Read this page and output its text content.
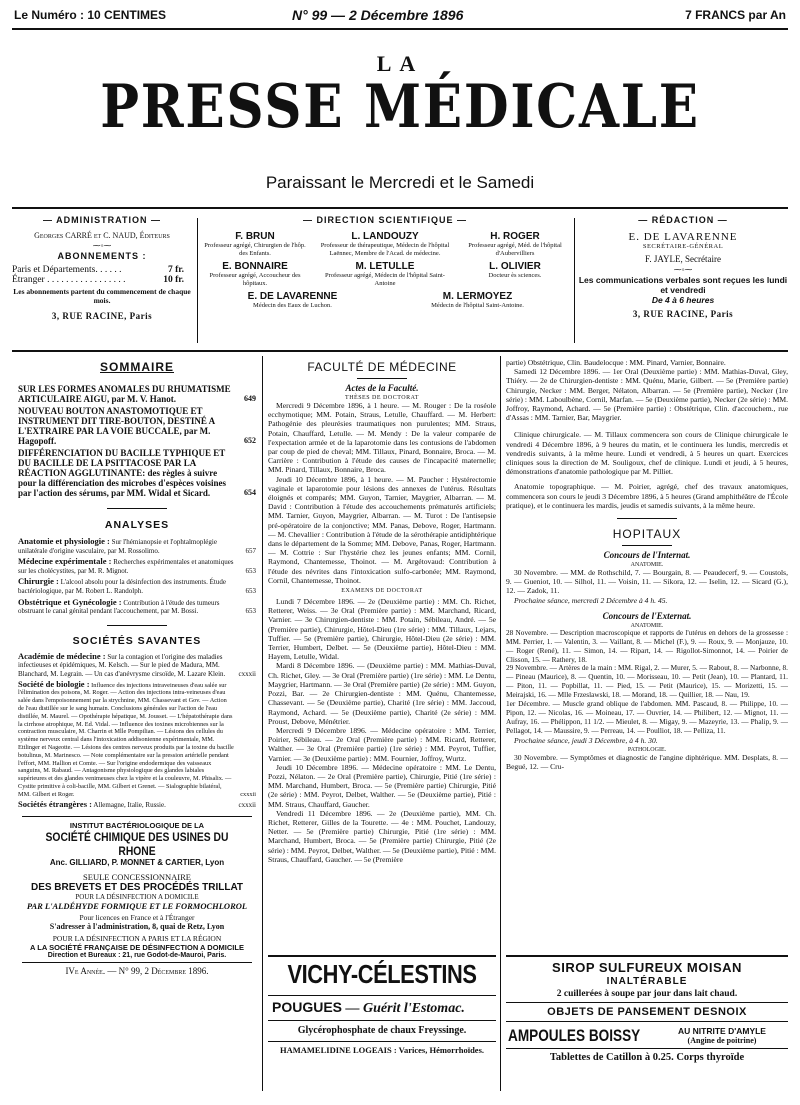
Le Numéro : 10 CENTIMES	N° 99 — 2 Décembre 1896	7 FRANCS par An
LA
PRESSE MÉDICALE
Paraissant le Mercredi et le Samedi
— ADMINISTRATION —
Georges CARRÉ et C. NAUD, Éditeurs
⁓◦⁓
ABONNEMENTS :
Paris et Départements. . . . . .	7 fr.
Étranger . . . . . . . . . . . . . . . . .	10 fr.
Les abonnements partent du commencement de chaque mois.
3, RUE RACINE, Paris
— DIRECTION SCIENTIFIQUE —
F. BRUN
Professeur agrégé, Chirurgien de l'hôp. des Enfants.
L. LANDOUZY
Professeur de thérapeutique, Médecin de l'hôpital Laënnec, Membre de l'Acad. de médecine.
H. ROGER
Professeur agrégé, Méd. de l'hôpital d'Aubervilliers
E. BONNAIRE
Professeur agrégé, Accoucheur des hôpitaux.
M. LETULLE
Professeur agrégé, Médecin de l'hôpital Saint-Antoine
L. OLIVIER
Docteur ès sciences.
E. DE LAVARENNE
Médecin des Eaux de Luchon.
M. LERMOYEZ
Médecin de l'hôpital Saint-Antoine.
— RÉDACTION —
E. DE LAVARENNE
SECRÉTAIRE-GÉNÉRAL
F. JAYLE, Secrétaire
⁓◦⁓
Les communications verbales sont reçues les lundi et vendredi
De 4 à 6 heures
3, RUE RACINE, Paris
SOMMAIRE
SUR LES FORMES ANOMALES DU RHUMATISME ARTICULAIRE AIGU, par M. V. Hanot.	649
NOUVEAU BOUTON ANASTOMOTIQUE ET INSTRUMENT DIT TIRE-BOUTON, DESTINÉ A L'EXTRAIRE PAR LA VOIE BUCCALE, par M. Hagopoff.	652
DIFFÉRENCIATION DU BACILLE TYPHIQUE ET DU BACILLE DE LA PSITTACOSE PAR LA RÉACTION AGGLUTINANTE: des règles à suivre pour la différenciation des microbes d'espèces voisines par l'action des sérums, par MM. Widal et Sicard.	654
ANALYSES
Anatomie et physiologie : Sur l'hémianopsie et l'ophtalmoplégie unilatérale d'origine vasculaire, par M. Rossolimo.	657
Médecine expérimentale : Recherches expérimentales et anatomiques sur les cholécystites, par M. R. Mignot.	653
Chirurgie : L'alcool absolu pour la désinfection des instruments. Étude bactériologique, par M. Robert L. Randolph.	653
Obstétrique et Gynécologie : Contribution à l'étude des tumeurs obstruant le canal génital pendant l'accouchement, par M. Bossi.	653
SOCIÉTÉS SAVANTES
Académie de médecine : Sur la contagion et l'origine des maladies infectieuses et épidémiques, M. Kelsch. — Sur le pied de Madura, MM. Blanchard, M. Legrain. — Un cas d'anévrysme cirsoïde, M. Lazare Klein. cxxxii
Société de biologie : Influence des injections intraveineuses d'eau salée sur l'élimination des poisons, M. Roger. — Action des injections intra-veineuses d'eau salée dans l'empoisonnement par la strychnine, MM. Chassevant et Gov. — Action de l'eau distillée sur le sang humain. Conclusions générales sur l'action de l'eau distillée, M. Maurel. — Opothérapie hépatique, M. Jousset. — L'hépatothérapie dans la cirrhose atrophique, M. Ed. Vidal. — Influence des toxines microbiennes sur la contraction musculaire, M. Charrin et Mlle Pompilian. — Lésions des cellules du système nerveux central dans l'intoxication addisonienne expérimentale, MM. Ettlinger et Nageotte. — Lésions des centres nerveux produits par la toxine du bacille botulinus, M. Marinesco. — Note complémentaire sur la pression artérielle pendant l'effort, MM. Hallion et Comte. — Sur l'origine endodermique des vaisseaux sanguins, M. Rabaud. — Antagonisme physiologique des glandes labiales supérieures et des glandes venimeuses chez la vipère et la couleuvre, M. Phisalix. — Cystite primitive à coli-bacille, MM. Gilbert et Grenet. — Sialographie bilatéral, MM. Gilbert et Roger.	cxxxii
Sociétés étrangères : Allemagne, Italie, Russie.	cxxxii
INSTITUT BACTÉRIOLOGIQUE DE LA
SOCIÉTÉ CHIMIQUE DES USINES DU RHONE
Anc. GILLIARD, P. MONNET & CARTIER, Lyon
SEULE CONCESSIONNAIRE
DES BREVETS ET DES PROCÉDÉS TRILLAT
POUR LA DÉSINFECTION A DOMICILE
PAR L'ALDÉHYDE FORMIQUE ET LE FORMOCHLOROL
Pour licences en France et à l'Étranger
S'adresser à l'administration, 8, quai de Retz, Lyon
POUR LA DÉSINFECTION A PARIS ET LA RÉGION
A LA SOCIÉTÉ FRANÇAISE DE DÉSINFECTION A DOMICILE
Direction et Bureaux : 21, rue Godot-de-Mauroi, Paris.
IVe Année. — N° 99, 2 Décembre 1896.
FACULTÉ DE MÉDECINE
Actes de la Faculté.
THÈSES DE DOCTORAT

Mercredi 9 Décembre 1896, à 1 heure. — M. Rouger : De la roséole ecchymotique; MM. Potain, Straus, Letulle, Chauffard. — M. Herbert: Pathogénie des pleurésies traumatiques non purulentes; MM. Straus, Potain, Chauffard, Letulle. — M. Mendy : De la valeur comparée de l'expectation armée et de la laparotomie dans les contusions de l'abdomen par coup de pied de cheval; MM. Tillaux, Pinard, Bonnaire, Broca. — M. Carrière : Contribution à l'étude des causes de l'incapacité maternelle; MM. Pinard, Tillaux, Bonnaire, Broca.

Jeudi 10 Décembre 1896, à 1 heure. — M. Paucher : Hystérectomie vaginale et laparotomie pour lésions des annexes de l'utérus. Résultats éloignés et comparés; MM. Guyon, Tarnier, Maygrier, Albarran. — M. David : Contribution à l'étude des accouchements prématurés artificiels; MM. Tarnier, Guyon, Maygrier, Albarran. — M. Turot : De l'antisepsie pré-opératoire de la conjonctive; MM. Panas, Debove, Roger, Hartmann. — M. Chevallier : Contribution à l'étude de la sérothérapie antidiphtérique dans le département de la Somme; MM. Debove, Panas, Roger, Hartmann. — M. Cottrie : Sur l'hystérie chez les jeunes enfants; MM. Cornil, Raymond, Chantemesse, Thoinot. — M. Argétovaud: Contribution à l'étude des névrites dans l'intoxication sulfo-carbonée; MM. Raymond, Cornil, Chantemesse, Thoinot.

EXAMENS DE DOCTORAT

Lundi 7 Décembre 1896. — 2e (Deuxième partie) : MM. Ch. Richet, Retterer, Weiss. — 3e Oral (Première partie) : MM. Marchand, Ricard, Varnier. — 3e Chirurgien-dentiste : MM. Potain, Sébileau, André. — 5e (Première partie), Chirurgie, Hôtel-Dieu (1re série) : MM. Tillaux, Lejars, Tuffier. — 5e (Première partie), Chirurgie, Hôtel-Dieu (2e série) : MM. Terrier, Humbert, Delbet. — 5e (Deuxième partie), Hôtel-Dieu : MM. Hayem, Letulle, Widal.

Mardi 8 Décembre 1896. — (Deuxième partie) : MM. Mathias-Duval, Ch. Richet, Gley. — 3e Oral (Première partie) (1re série) : MM. Le Dentu, Maygrier, Hartmann. — 3e Oral (Première partie) (2e série) : MM. Guyon, Pozzi, Bar. — 2e Chirurgien-dentiste : MM. Quénu, Chantemesse, Chassevant. — 5e (Deuxième partie), Charité (1re série) : MM. Jaccoud, Raymond, Achard. — 5e (Deuxième partie), Charité (2e série) : MM. Proust, Debove, Ménétrier.

Mercredi 9 Décembre 1896. — Médecine opératoire : MM. Terrier, Poirier, Sébileau. — 2e Oral (Première partie) : MM. Ricard, Retterer, Walther. — 3e Oral (Première partie) (1re série) : MM. Peyrot, Tuffier, Varnier. — 3e (Deuxième partie) : MM. Fournier, Joffroy, Wurtz.

Jeudi 10 Décembre 1896. — Médecine opératoire : MM. Le Dentu, Pozzi, Nélaton. — 2e Oral (Première partie), Chirurgie, Pitié (1re série) : MM. Marchand, Humbert, Broca. — 5e (Première partie) Chirurgie, Pitié (2e série) : MM. Peyrot, Delbet, Walther. — 5e (Deuxième partie), Pitié : MM. Straus, Chauffard, Gaucher.

Vendredi 11 Décembre 1896. — 2e (Deuxième partie), MM. Ch. Richet, Retterer, Gilles de la Tourette. — 4e : MM. Pouchet, Landouzy, Netter. — 5e (Première partie) Chirurgie, Pitié (1re série) : MM. Marchand, Humbert, Broca. — 5e (Première partie) Chirurgie, Pitié (2e série) : MM. Peyrot, Delbet, Walther. — 5e (Deuxième partie), Pitié : MM. Straus, Chauffard, Gaucher. — 5e (Première

VICHY-CÉLESTINS
POUGUES — Guérit l'Estomac.
Glycérophosphate de chaux Freyssinge.
HAMAMELIDINE LOGEAIS : Varices, Hémorrhoïdes.

partie) Obstétrique, Clin. Baudelocque : MM. Pinard, Varnier, Bonnaire.

Samedi 12 Décembre 1896. — 1er Oral (Deuxième partie) : MM. Mathias-Duval, Gley, Thiéry. — 2e de Chirurgien-dentiste : MM. Quénu, Marie, Gilbert. — 5e (Première partie) Chirurgie, Necker : MM. Berger, Nélaton, Albarran. — 5e (Première partie), Necker (1re série) : MM. Laboulbène, Cornil, Marfan. — 5e (Deuxième partie), Necker (2e série) : MM. Joffroy, Raymond, Achard. — 5e (Première partie) : Obstétrique, Clin. d'accouchem., rue d'Assas : MM. Tarnier, Bar, Maygrier.

Clinique chirurgicale. — M. Tillaux commencera son cours de Clinique chirurgicale le vendredi 4 Décembre 1896, à 9 heures du matin, et le continuera les lundis, mercredis et vendredis suivants, à la même heure. Lundi et vendredi, à 5 heures un quart. Exercices cliniques sous la direction de M. Souligoux, chef de clinique. Lundi et jeudi, à 5 heures, démonstrations d'anatomie pathologique par M. Pilliet.

Anatomie topographique. — M. Poirier, agrégé, chef des travaux anatomiques, commencera son cours le jeudi 3 Décembre 1896, à 5 heures (Grand amphithéâtre de l'École pratique), et le continuera les mardis, jeudis et samedis suivants, à la même heure.

HOPITAUX
Concours de l'Internat.
ANATOMIE.

30 Novembre. — MM. de Rothschild, 7. — Bourgain, 8. — Peaudecerf, 9. — Coustols, 9. — Gueniot, 10. — Silhol, 11. — Voisin, 11. — Sikora, 12. — Iselin, 12. — Sicard (G.), 12. — Zadok, 11.

Prochaine séance, mercredi 2 Décembre à 4 h. 45.

Concours de l'Externat.
ANATOMIE.
28 Novembre. — Description macroscopique et rapports de l'utérus en dehors de la grossesse : MM. Perrier, 1. — Valentin, 3. — Vaillant, 8. — Michel (F.), 9. — Roux, 9. — Monjauze, 10. — Roger (René), 11. — Simon, 14. — Ripart, 14. — Rigollot-Simonnot, 14. — Poirier de Clisson, 15. — Rathery, 18.
29 Novembre. — Artères de la main : MM. Rigal, 2. — Murer, 5. — Rabout, 8. — Narbonne, 8. — Pineau (Maurice), 8. — Quentin, 10. — Morisseau, 10. — Petit (Jean), 10. — Plantard, 11. — Piton, 11. — Popbillat, 11. — Pied, 15. — Petit (Maurice), 15. — Morizetti, 15. — Meirajski, 16. — Mlle Frzeslawski, 18. — Morand, 18. — Quillier, 18. — Nau, 19.
1er Décembre. — Muscle grand oblique de l'abdomen. MM. Pascaud, 8. — Philippe, 10. — Pipon, 12. — Nicolas, 16. — Moineau, 17. — Ouvrier, 14. — Philibert, 12. — Mignot, 11. — Aufray, 16. — Phélippon, 11 1/2. — Mieulet, 8. — Migay, 9. — Mazeyrie, 13. — Phalip, 9. — Pellagot, 14. — Maussire, 9. — Perreau, 14. — Poulliot, 18. — Pelliza, 11.

Prochaine séance, jeudi 3 Décembre, à 4 h. 30.

PATHOLOGIE.

30 Novembre. — Symptômes et diagnostic de l'angine diphtérique. MM. Desplats, 8. — Begué, 12. — Cru-

SIROP SULFUREUX MOISAN
INALTÉRABLE
2 cuillerées à soupe par jour dans lait chaud.
OBJETS DE PANSEMENT DESNOIX
AMPOULES BOISSY	AU NITRITE D'AMYLE
(Angine de poitrine)
Tablettes de Catillon à 0.25. Corps thyroïde
